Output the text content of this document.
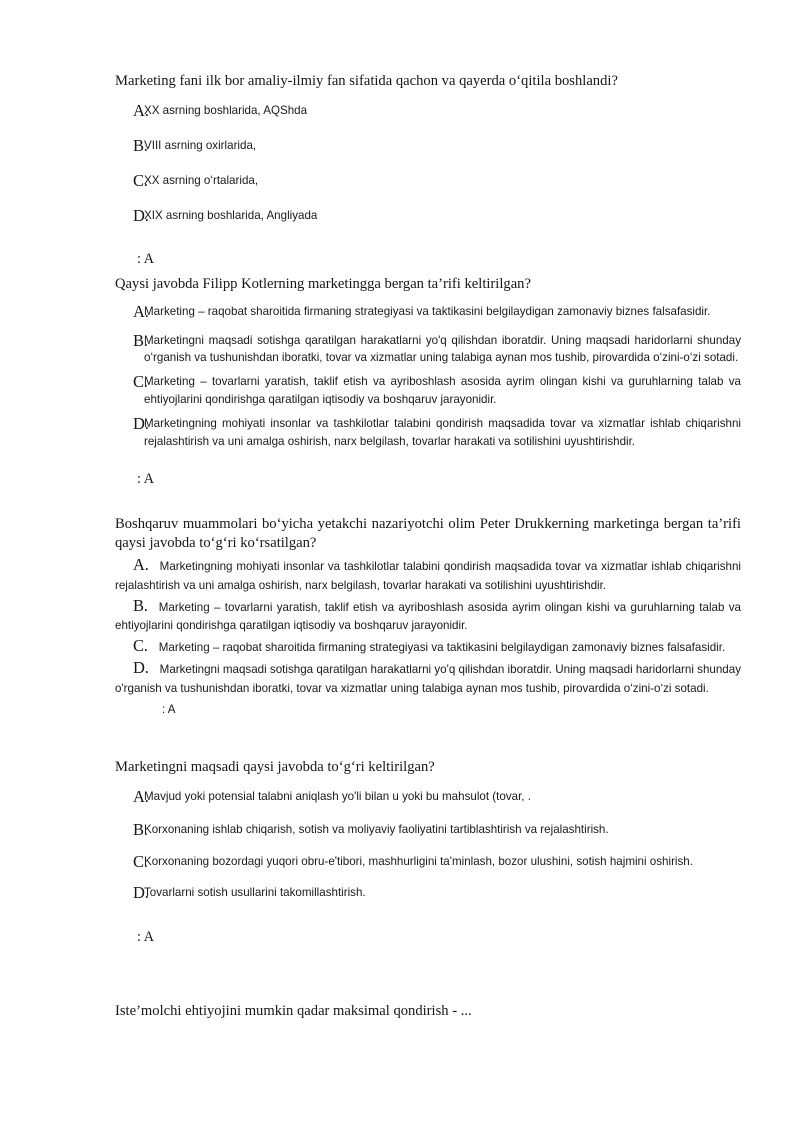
Marketing fani ilk bor amaliy-ilmiy fan sifatida qachon va qayerda o‘qitila boshlandi?

A.
XX asrning boshlarida, AQShda
B.
VIII asrning oxirlarida,
C.
XX asrning o‘rtalarida,
D.
XIX asrning boshlarida, Angliyada

: A

Qaysi javobda Filipp Kotlerning marketingga bergan ta’rifi keltirilgan?

A.
Marketing – raqobat sharoitida firmaning strategiyasi va taktikasini belgilaydigan zamonaviy biznes falsafasidir.
B.
Marketingni maqsadi sotishga qaratilgan harakatlarni yo'q qilishdan iboratdir. Uning maqsadi haridorlarni shunday o‘rganish va tushunishdan iboratki, tovar va xizmatlar uning talabiga aynan mos tushib, pirovardida o‘zini-o‘zi sotadi.
C.
Marketing – tovarlarni yaratish, taklif etish va ayriboshlash asosida ayrim olingan kishi va guruhlarning talab va ehtiyojlarini qondirishga qaratilgan iqtisodiy va boshqaruv jarayonidir.
D.
Marketingning mohiyati insonlar va tashkilotlar talabini qondirish maqsadida tovar va xizmatlar ishlab chiqarishni rejalashtirish va uni amalga oshirish, narx belgilash, tovarlar harakati va sotilishini uyushtirishdir.

: A

Boshqaruv muammolari bo‘yicha yetakchi nazariyotchi olim Peter Drukkerning marketinga bergan ta’rifi qaysi javobda to‘g‘ri ko‘rsatilgan?

A. Marketingning mohiyati insonlar va tashkilotlar talabini qondirish maqsadida tovar va xizmatlar ishlab chiqarishni rejalashtirish va uni amalga oshirish, narx belgilash, tovarlar harakati va sotilishini uyushtirishdir.

B. Marketing – tovarlarni yaratish, taklif etish va ayriboshlash asosida ayrim olingan kishi va guruhlarning talab va ehtiyojlarini qondirishga qaratilgan iqtisodiy va boshqaruv jarayonidir.

C. Marketing – raqobat sharoitida firmaning strategiyasi va taktikasini belgilaydigan zamonaviy biznes falsafasidir.

D. Marketingni maqsadi sotishga qaratilgan harakatlarni yo'q qilishdan iboratdir. Uning maqsadi haridorlarni shunday o'rganish va tushunishdan iboratki, tovar va xizmatlar uning talabiga aynan mos tushib, pirovardida o‘zini-o‘zi sotadi.

: A

Marketingni maqsadi qaysi javobda to‘g‘ri keltirilgan?

A.
Mavjud yoki potensial talabni aniqlash yo'li bilan u yoki bu mahsulot (tovar, .
B.
Korxonaning ishlab chiqarish, sotish va moliyaviy faoliyatini tartiblashtirish va rejalashtirish.
C.
Korxonaning bozordagi yuqori obru-e'tibori, mashhurligini ta'minlash, bozor ulushini, sotish hajmini oshirish.
D.
Tovarlarni sotish usullarini takomillashtirish.

: A

Iste’molchi ehtiyojini mumkin qadar maksimal qondirish - ...
